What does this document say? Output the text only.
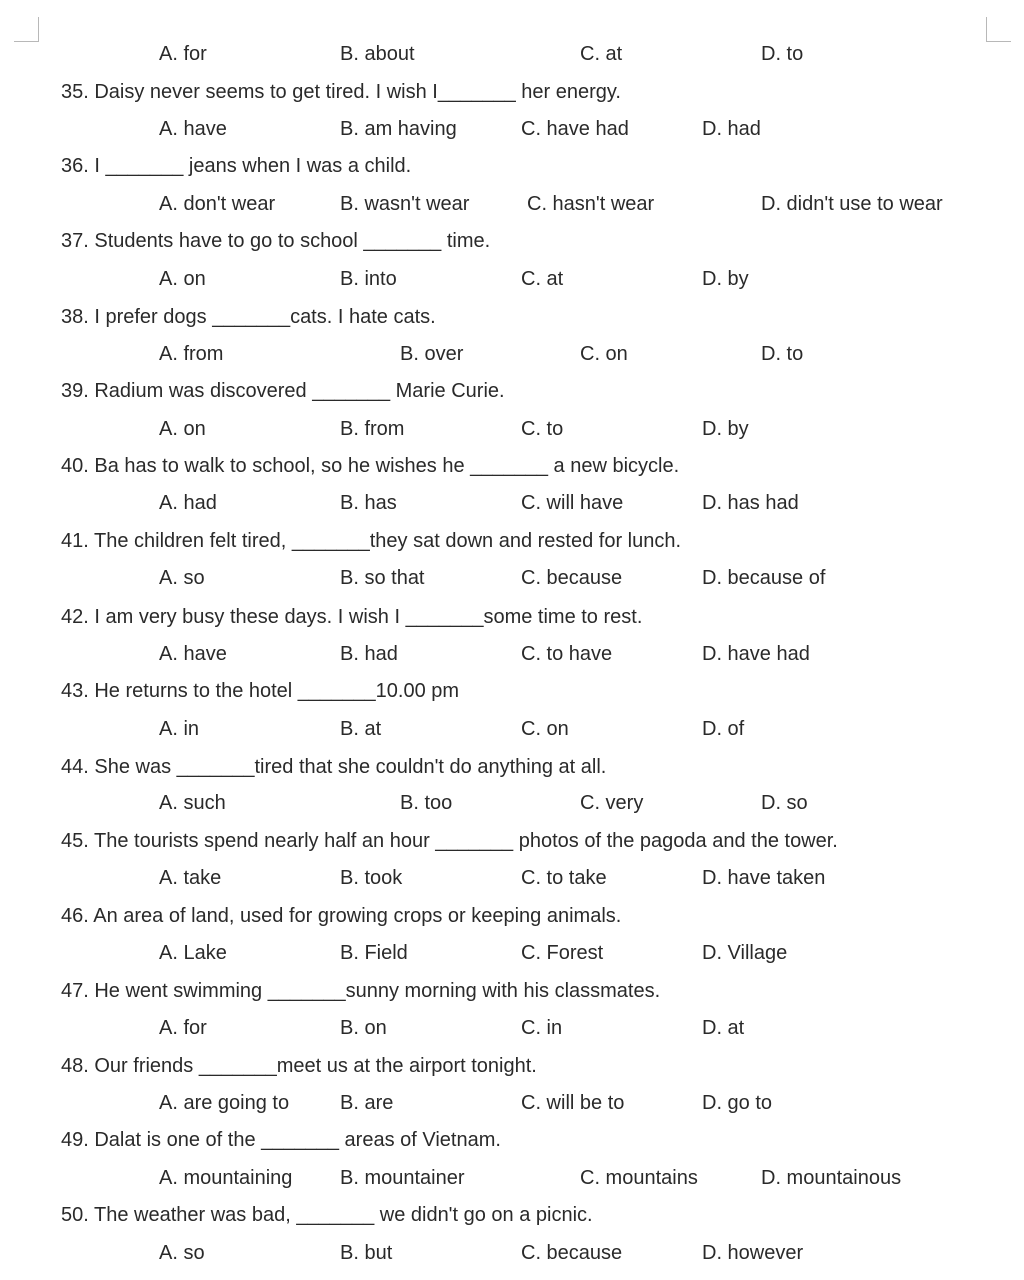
A. for	B. about	C. at	D. to
35. Daisy never seems to get tired. I wish I_______ her energy.
A. have	B. am having	C. have had	D. had
36. I _______ jeans when I was a child.
A. don't wear	B. wasn't wear	C. hasn't wear	D. didn't use to wear
37. Students have to go to school _______ time.
A. on	B. into	C. at	D. by
38. I prefer dogs _______cats. I hate cats.
A. from	B. over	C. on	D. to
39. Radium was discovered _______ Marie Curie.
A. on	B. from	C. to	D. by
40. Ba has to walk to school, so he wishes he _______ a new bicycle.
A. had	B. has	C. will have	D. has had
41. The children felt tired, _______they sat down and rested for lunch.
A. so	B. so that	C. because	D. because of
42. I am very busy these days. I wish I _______some time to rest.
A. have	B. had	C. to have	D. have had
43. He returns to the hotel _______10.00 pm
A. in	B. at	C. on	D. of
44. She was _______tired that she couldn't do anything at all.
A. such	B. too	C. very	D. so
45. The tourists spend nearly half an hour _______ photos of the pagoda and the tower.
A. take	B. took	C. to take	D. have taken
46. An area of land, used for growing crops or keeping animals.
A. Lake	B. Field	C. Forest	D. Village
47. He went swimming _______sunny morning with his classmates.
A. for	B. on	C. in	D. at
48. Our friends _______meet us at the airport tonight.
A. are going to	B. are	C. will be to	D. go to
49. Dalat is one of the _______ areas of Vietnam.
A. mountaining B. mountainer	C. mountains	D. mountainous
50. The weather was bad, _______ we didn't go on a picnic.
A. so	B. but	C. because	D. however
